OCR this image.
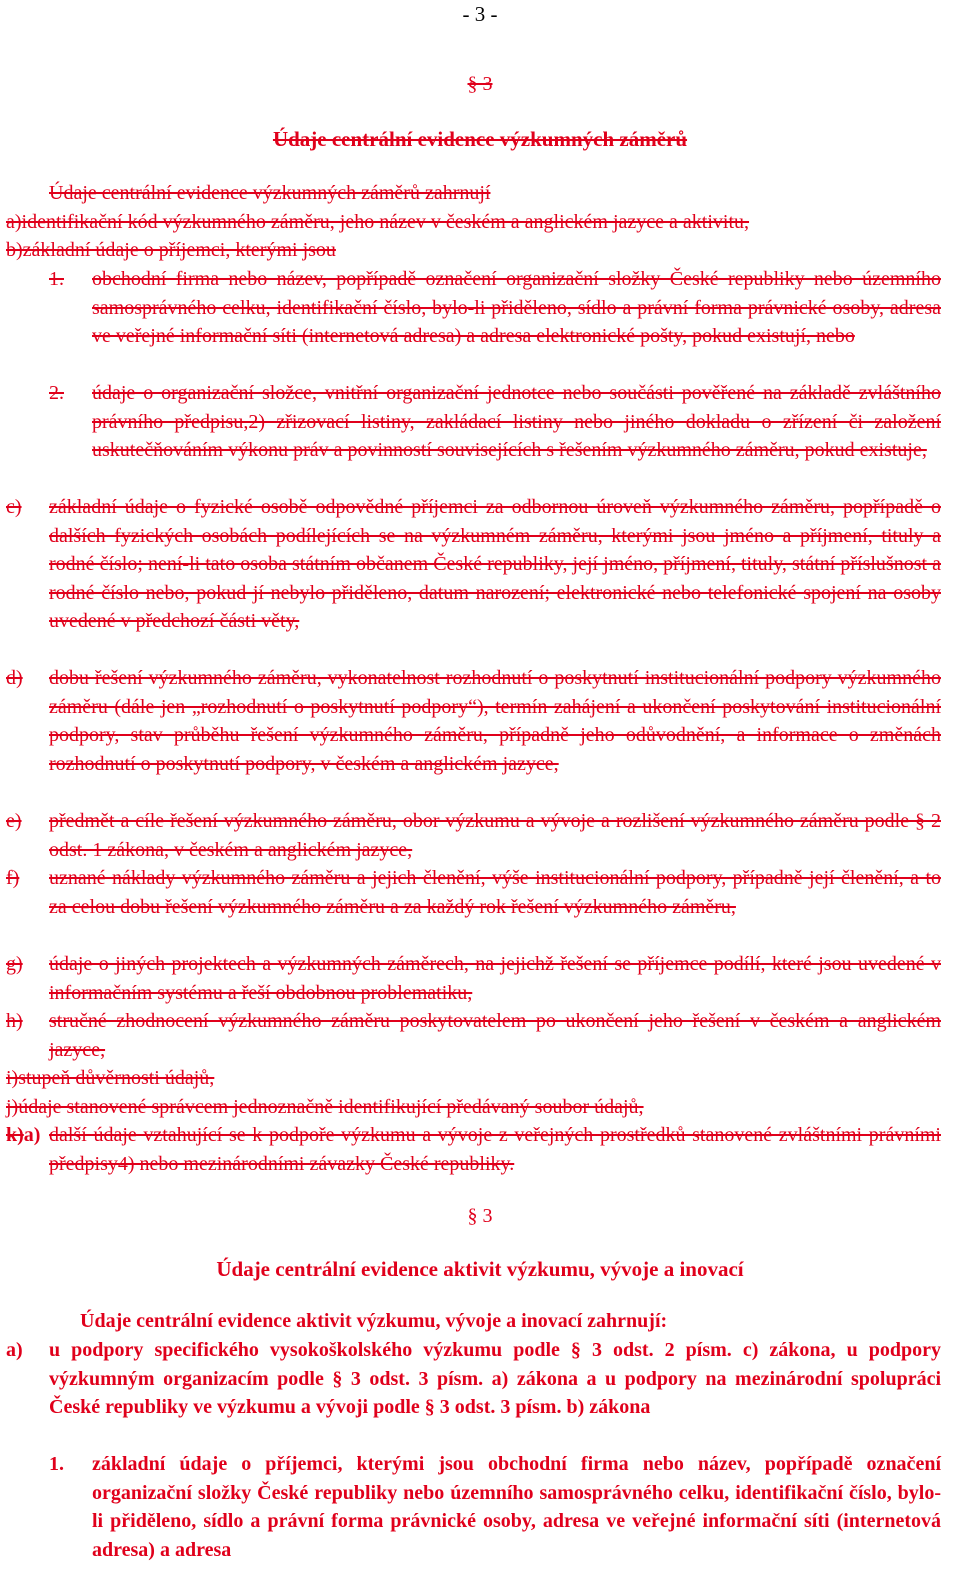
- 3 -
§ 3
Údaje centrální evidence výzkumných záměrů
Údaje centrální evidence výzkumných záměrů zahrnují
a)identifikační kód výzkumného záměru, jeho název v českém a anglickém jazyce a aktivitu,
b)základní údaje o příjemci, kterými jsou
1.	obchodní firma nebo název, popřípadě označení organizační složky České republiky nebo územního samosprávného celku, identifikační číslo, bylo-li přiděleno, sídlo a právní forma právnické osoby, adresa ve veřejné informační síti (internetová adresa) a adresa elektronické pošty, pokud existují, nebo
2.	údaje o organizační složce, vnitřní organizační jednotce nebo součásti pověřené na základě zvláštního právního předpisu,2) zřizovací listiny, zakládací listiny nebo jiného dokladu o zřízení či založení uskutečňováním výkonu práv a povinností souvisejících s řešením výzkumného záměru, pokud existuje,
c)	základní údaje o fyzické osobě odpovědné příjemci za odbornou úroveň výzkumného záměru, popřípadě o dalších fyzických osobách podílejících se na výzkumném záměru, kterými jsou jméno a příjmení, tituly a rodné číslo; není-li tato osoba státním občanem České republiky, její jméno, příjmení, tituly, státní příslušnost a rodné číslo nebo, pokud jí nebylo přiděleno, datum narození; elektronické nebo telefonické spojení na osoby uvedené v předchozí části věty,
d)	dobu řešení výzkumného záměru, vykonatelnost rozhodnutí o poskytnutí institucionální podpory výzkumného záměru (dále jen „rozhodnutí o poskytnutí podpory“), termín zahájení a ukončení poskytování institucionální podpory, stav průběhu řešení výzkumného záměru, případně jeho odůvodnění, a informace o změnách rozhodnutí o poskytnutí podpory, v českém a anglickém jazyce,
e)	předmět a cíle řešení výzkumného záměru, obor výzkumu a vývoje a rozlišení výzkumného záměru podle § 2 odst. 1 zákona, v českém a anglickém jazyce,
f)	uznané náklady výzkumného záměru a jejich členění, výše institucionální podpory, případně její členění, a to za celou dobu řešení výzkumného záměru a za každý rok řešení výzkumného záměru,
g)	údaje o jiných projektech a výzkumných záměrech, na jejichž řešení se příjemce podílí, které jsou uvedené v informačním systému a řeší obdobnou problematiku,
h)	stručné zhodnocení výzkumného záměru poskytovatelem po ukončení jeho řešení v českém a anglickém jazyce,
i)stupeň důvěrnosti údajů,
j)údaje stanovené správcem jednoznačně identifikující předávaný soubor údajů,
k)a) další údaje vztahující se k podpoře výzkumu a vývoje z veřejných prostředků stanovené zvláštními právními předpisy4) nebo mezinárodními závazky České republiky.
§ 3
Údaje centrální evidence aktivit výzkumu, vývoje a inovací
Údaje centrální evidence aktivit výzkumu, vývoje a inovací zahrnují:
a)	u podpory specifického vysokoškolského výzkumu podle § 3 odst. 2 písm. c) zákona, u podpory výzkumným organizacím podle § 3 odst. 3 písm. a) zákona a u podpory na mezinárodní spolupráci České republiky ve výzkumu a vývoji podle § 3 odst. 3 písm. b) zákona
1.	základní údaje o příjemci, kterými jsou obchodní firma nebo název, popřípadě označení organizační složky České republiky nebo územního samosprávného celku, identifikační číslo, bylo-li přiděleno, sídlo a právní forma právnické osoby, adresa ve veřejné informační síti (internetová adresa) a adresa
